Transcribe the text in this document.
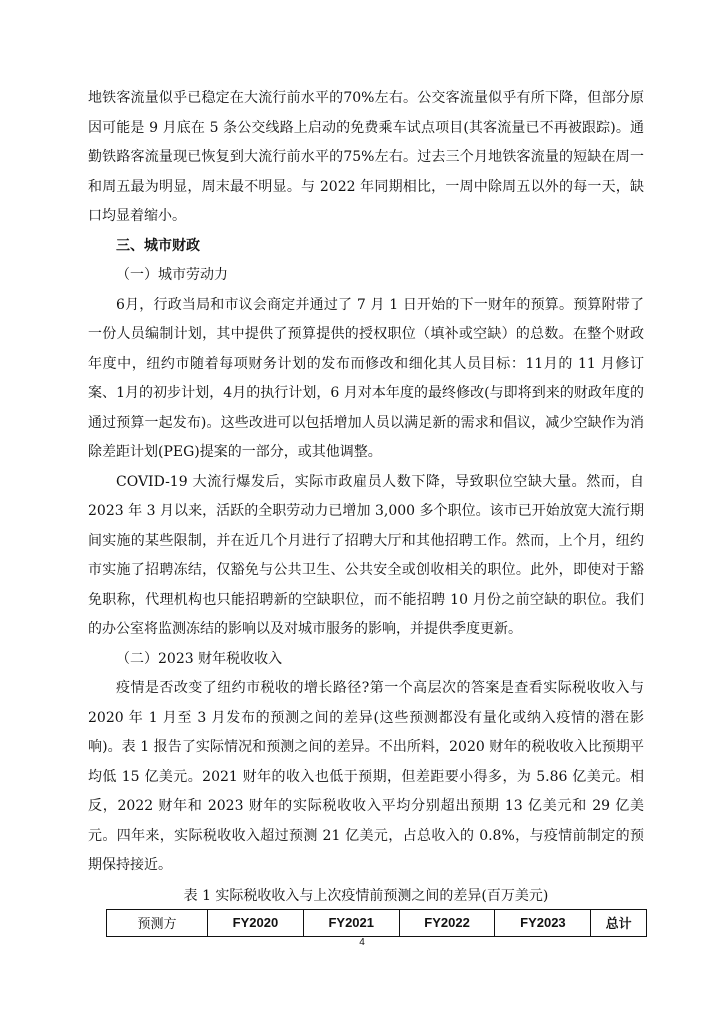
地铁客流量似乎已稳定在大流行前水平的70%左右。公交客流量似乎有所下降，但部分原因可能是 9 月底在 5 条公交线路上启动的免费乘车试点项目(其客流量已不再被跟踪)。通勤铁路客流量现已恢复到大流行前水平的75%左右。过去三个月地铁客流量的短缺在周一和周五最为明显，周末最不明显。与 2022 年同期相比，一周中除周五以外的每一天，缺口均显着缩小。

三、城市财政

（一）城市劳动力

6月，行政当局和市议会商定并通过了 7 月 1 日开始的下一财年的预算。预算附带了一份人员编制计划，其中提供了预算提供的授权职位（填补或空缺）的总数。在整个财政年度中，纽约市随着每项财务计划的发布而修改和细化其人员目标：11月的 11 月修订案、1月的初步计划，4月的执行计划，6 月对本年度的最终修改(与即将到来的财政年度的通过预算一起发布)。这些改进可以包括增加人员以满足新的需求和倡议，减少空缺作为消除差距计划(PEG)提案的一部分，或其他调整。

COVID-19 大流行爆发后，实际市政雇员人数下降，导致职位空缺大量。然而，自2023 年 3 月以来，活跃的全职劳动力已增加 3,000 多个职位。该市已开始放宽大流行期间实施的某些限制，并在近几个月进行了招聘大厅和其他招聘工作。然而，上个月，纽约市实施了招聘冻结，仅豁免与公共卫生、公共安全或创收相关的职位。此外，即使对于豁免职称，代理机构也只能招聘新的空缺职位，而不能招聘 10 月份之前空缺的职位。我们的办公室将监测冻结的影响以及对城市服务的影响，并提供季度更新。

（二）2023 财年税收收入

疫情是否改变了纽约市税收的增长路径?第一个高层次的答案是查看实际税收收入与 2020 年 1 月至 3 月发布的预测之间的差异(这些预测都没有量化或纳入疫情的潜在影响)。表 1 报告了实际情况和预测之间的差异。不出所料，2020 财年的税收收入比预期平均低 15 亿美元。2021 财年的收入也低于预期，但差距要小得多，为 5.86 亿美元。相反，2022 财年和 2023 财年的实际税收收入平均分别超出预期 13 亿美元和 29 亿美元。四年来，实际税收收入超过预测 21 亿美元，占总收入的 0.8%，与疫情前制定的预期保持接近。

表 1 实际税收收入与上次疫情前预测之间的差异(百万美元)

预测方	FY2020	FY2021	FY2022	FY2023	总计
4
